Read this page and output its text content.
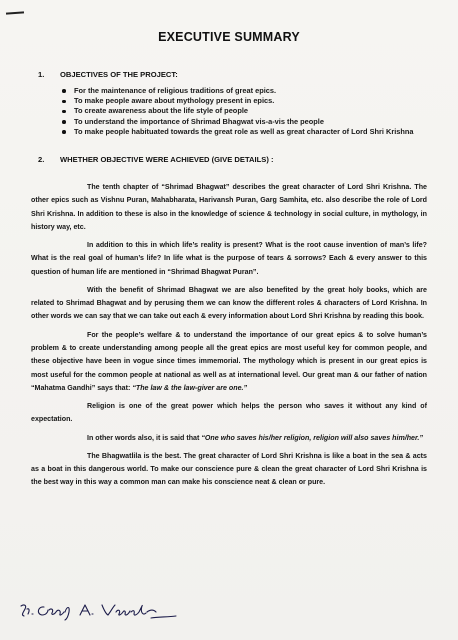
EXECUTIVE SUMMARY
1. OBJECTIVES OF THE PROJECT:
For the maintenance of religious traditions of great epics.
To make people aware about mythology present in epics.
To create awareness about the life style of people
To understand the importance of Shrimad Bhagwat vis-a-vis the people
To make people habituated towards the great role as well as great character of Lord Shri Krishna
2. WHETHER OBJECTIVE WERE ACHIEVED (GIVE DETAILS) :

The tenth chapter of “Shrimad Bhagwat” describes the great character of Lord Shri Krishna. The other epics such as Vishnu Puran, Mahabharata, Harivansh Puran, Garg Samhita, etc. also describe the role of Lord Shri Krishna. In addition to these is also in the knowledge of science & technology in social culture, in mythology, in history way, etc.

In addition to this in which life’s reality is present? What is the root cause invention of man’s life? What is the real goal of human’s life? In life what is the purpose of tears & sorrows? Each & every answer to this question of human life are mentioned in “Shrimad Bhagwat Puran”.

With the benefit of Shrimad Bhagwat we are also benefited by the great holy books, which are related to Shrimad Bhagwat and by perusing them we can know the different roles & characters of Lord Krishna. In other words we can say that we can take out each & every information about Lord Shri Krishna by reading this book.

For the people’s welfare & to understand the importance of our great epics & to solve human’s problem & to create understanding among people all the great epics are most useful key for common people, and these objective have been in vogue since times immemorial. The mythology which is present in our great epics is most useful for the common people at national as well as at international level. Our great man & our father of nation “Mahatma Gandhi” says that: “The law & the law-giver are one.”

Religion is one of the great power which helps the person who saves it without any kind of expectation.

In other words also, it is said that “One who saves his/her religion, religion will also saves him/her.”

The Bhagwatlila is the best. The great character of Lord Shri Krishna is like a boat in the sea & acts as a boat in this dangerous world. To make our conscience pure & clean the great character of Lord Shri Krishna is the best way in this way a common man can make his conscience neat & clean or pure.
